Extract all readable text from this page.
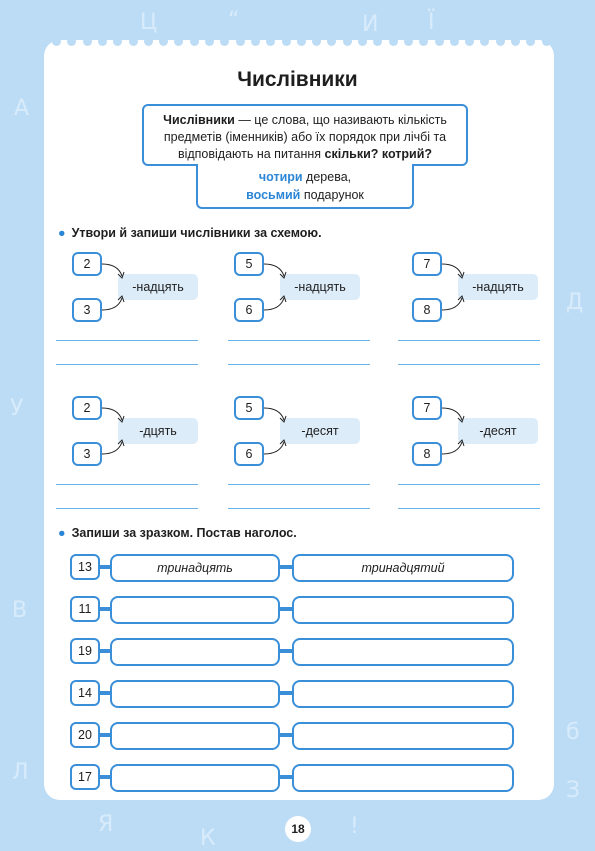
Ц	“	И Ї
А
Д
У
В
Л
Я
К
З
!
б
Числівники
Числівники — це слова, що називають кількість предметів (іменників) або їх порядок при лічбі та відповідають на питання скільки? котрий?
чотири дерева,
восьмий подарунок
● Утвори й запиши числівники за схемою.
2
3
-надцять
5
6
-надцять
7
8
-надцять
2
3
-дцять
5
6
-десят
7
8
-десят
● Запиши за зразком. Постав наголос.
13	тринадцять	тринадцятий
11
19
14
20
17
18
